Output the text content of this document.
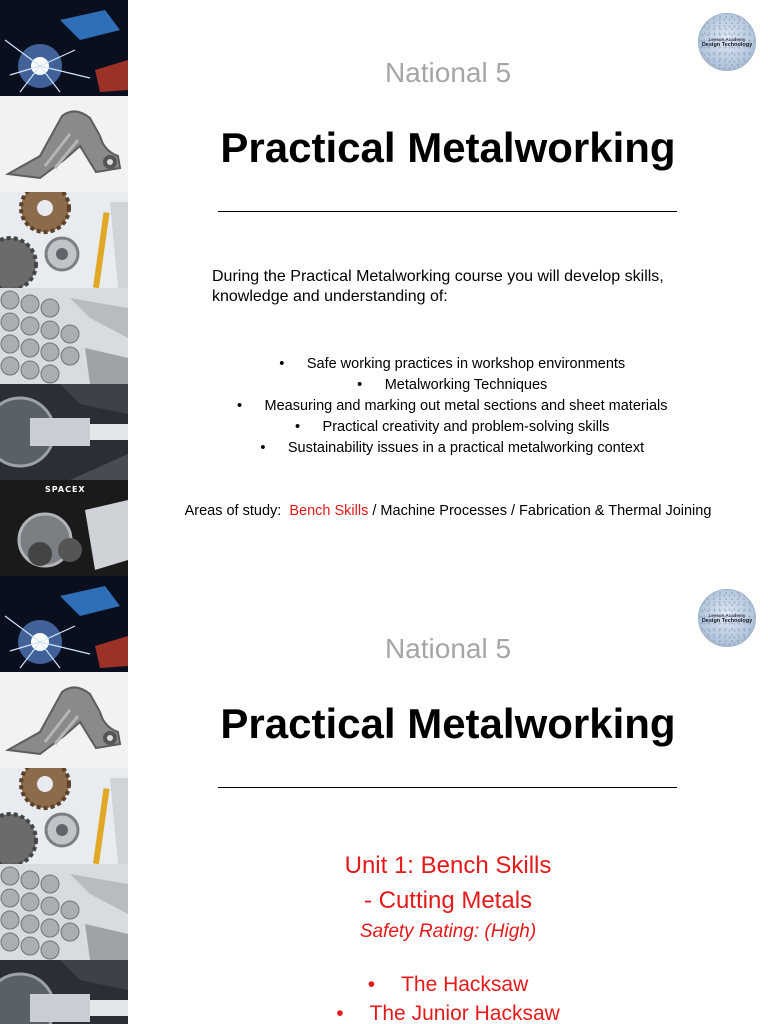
SPACEX
Leeson Academy
Design Technology
National 5
Practical Metalworking
During the Practical Metalworking course you will develop skills, knowledge and understanding of:
• Safe working practices in workshop environments
• Metalworking Techniques
• Measuring and marking out metal sections and sheet materials
• Practical creativity and problem-solving skills
• Sustainability issues in a practical metalworking context
Areas of study: Bench Skills / Machine Processes / Fabrication & Thermal Joining
Leeson Academy
Design Technology
National 5
Practical Metalworking
Unit 1: Bench Skills
- Cutting Metals
Safety Rating: (High)
• The Hacksaw
• The Junior Hacksaw
